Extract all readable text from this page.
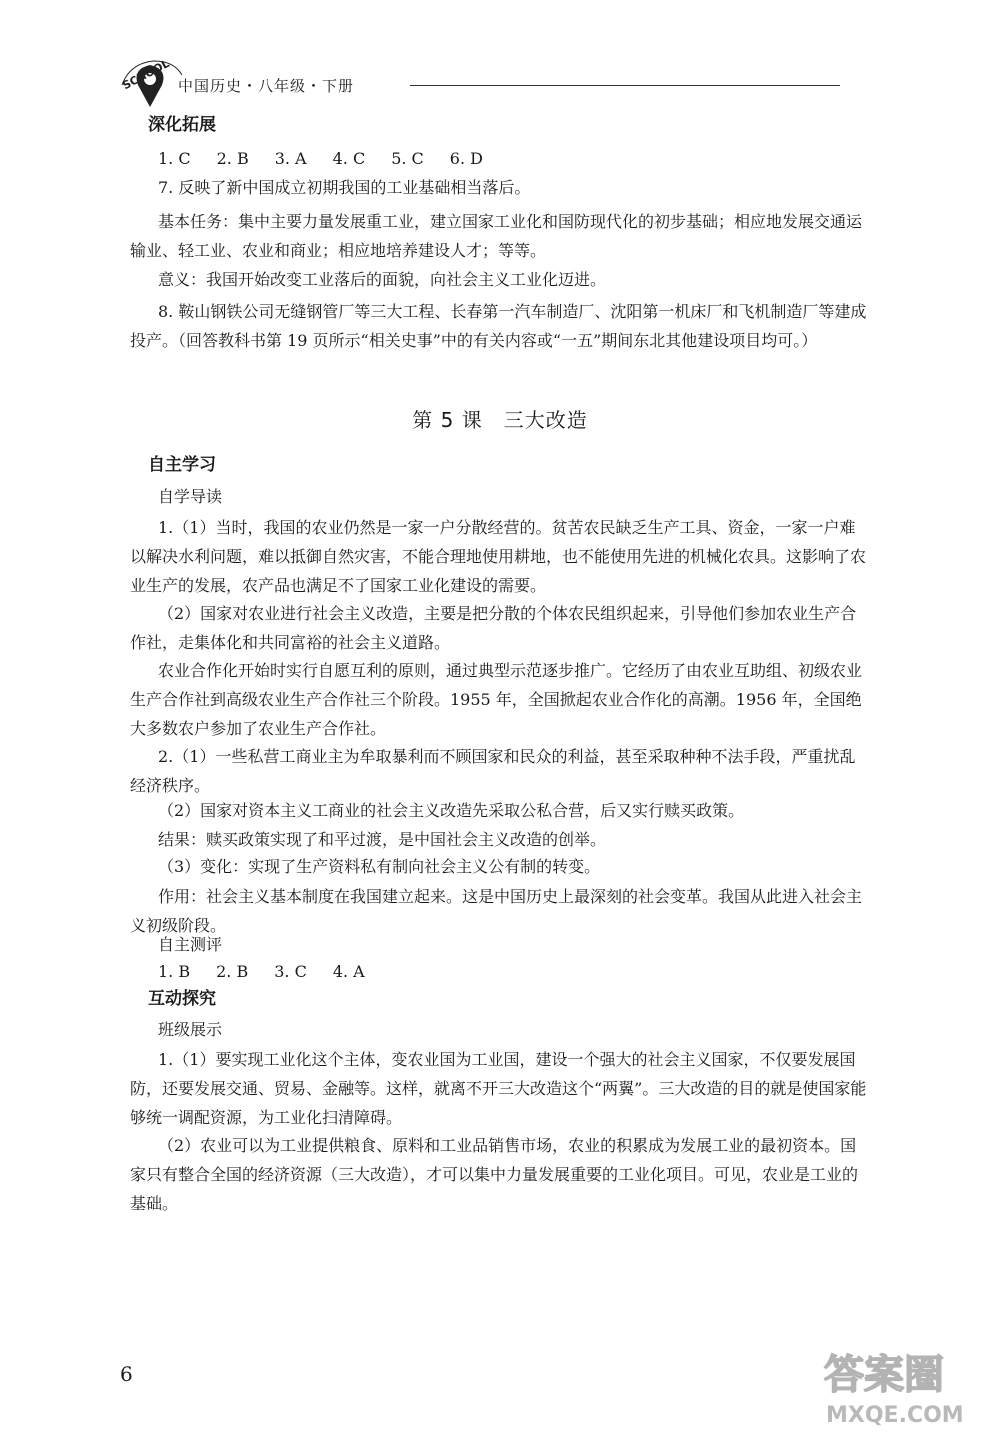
SCHOOL 中国历史・八年级・下册
深化拓展
1. C 2. B 3. A 4. C 5. C 6. D
7. 反映了新中国成立初期我国的工业基础相当落后。
基本任务：集中主要力量发展重工业，建立国家工业化和国防现代化的初步基础；相应地发展交通运输业、轻工业、农业和商业；相应地培养建设人才；等等。
意义：我国开始改变工业落后的面貌，向社会主义工业化迈进。
8. 鞍山钢铁公司无缝钢管厂等三大工程、长春第一汽车制造厂、沈阳第一机床厂和飞机制造厂等建成投产。（回答教科书第 19 页所示“相关史事”中的有关内容或“一五”期间东北其他建设项目均可。）
第 5 课　三大改造
自主学习
自学导读
1.（1）当时，我国的农业仍然是一家一户分散经营的。贫苦农民缺乏生产工具、资金，一家一户难以解决水利问题，难以抵御自然灾害，不能合理地使用耕地，也不能使用先进的机械化农具。这影响了农业生产的发展，农产品也满足不了国家工业化建设的需要。
（2）国家对农业进行社会主义改造，主要是把分散的个体农民组织起来，引导他们参加农业生产合作社，走集体化和共同富裕的社会主义道路。
农业合作化开始时实行自愿互利的原则，通过典型示范逐步推广。它经历了由农业互助组、初级农业生产合作社到高级农业生产合作社三个阶段。1955 年，全国掀起农业合作化的高潮。1956 年，全国绝大多数农户参加了农业生产合作社。
2.（1）一些私营工商业主为牟取暴利而不顾国家和民众的利益，甚至采取种种不法手段，严重扰乱经济秩序。
（2）国家对资本主义工商业的社会主义改造先采取公私合营，后又实行赎买政策。
结果：赎买政策实现了和平过渡，是中国社会主义改造的创举。
（3）变化：实现了生产资料私有制向社会主义公有制的转变。
作用：社会主义基本制度在我国建立起来。这是中国历史上最深刻的社会变革。我国从此进入社会主义初级阶段。
自主测评
1. B 2. B 3. C 4. A
互动探究
班级展示
1.（1）要实现工业化这个主体，变农业国为工业国，建设一个强大的社会主义国家，不仅要发展国防，还要发展交通、贸易、金融等。这样，就离不开三大改造这个“两翼”。三大改造的目的就是使国家能够统一调配资源，为工业化扫清障碍。
（2）农业可以为工业提供粮食、原料和工业品销售市场，农业的积累成为发展工业的最初资本。国家只有整合全国的经济资源（三大改造），才可以集中力量发展重要的工业化项目。可见，农业是工业的基础。
6	答案圈
MXQE.COM
